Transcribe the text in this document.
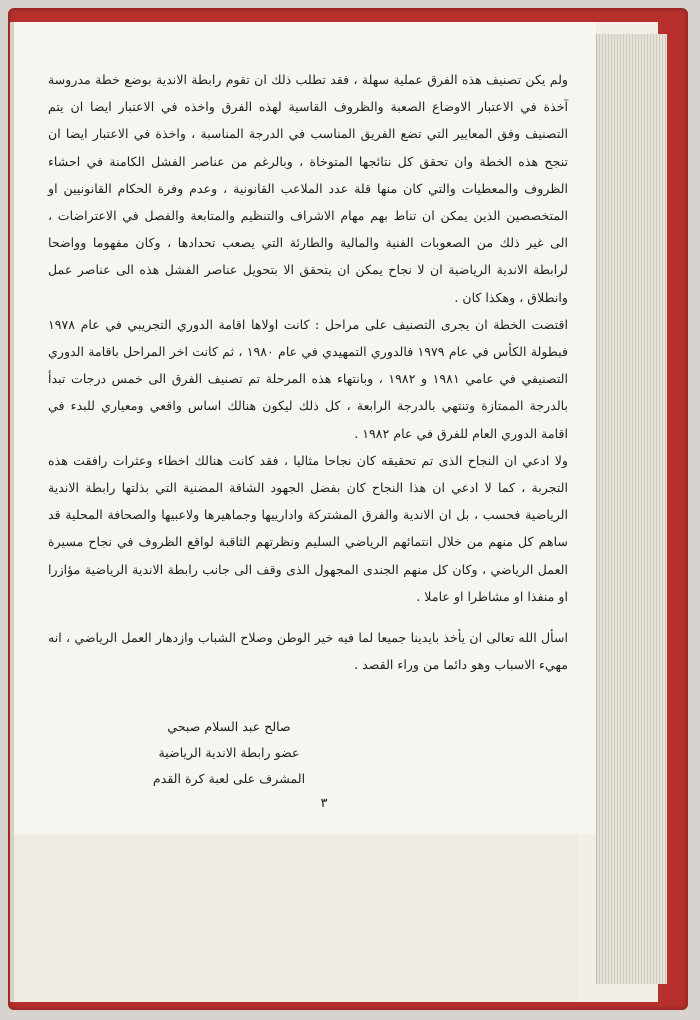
ولم يكن تصنيف هذه الفرق عملية سهلة ، فقد تطلب ذلك ان تقوم رابطة الاندية بوضع خطة مدروسة آخذة في الاعتبار الاوضاع الصعبة والظروف القاسية لهذه الفرق واخذه في الاعتبار ايضا ان يتم التصنيف وفق المعايير التي تضع الفريق المناسب في الدرجة المناسبة ، واخذة في الاعتبار ايضا ان تنجح هذه الخطة وان تحقق كل نتائجها المتوخاة ، وبالرغم من عناصر الفشل الكامنة في احشاء الظروف والمعطيات والتي كان منها قلة عدد الملاعب القانونية ، وعدم وفرة الحكام القانونيين او المتخصصين الذين يمكن ان تناط بهم مهام الاشراف والتنظيم والمتابعة والفصل في الاعتراضات ، الى غير ذلك من الصعوبات الفنية والمالية والطارئة التي يصعب تحدادها ، وكان مفهوما وواضحا لرابطة الاندية الرياضية ان لا نجاح يمكن ان يتحقق الا بتحويل عناصر الفشل هذه الى عناصر عمل وانطلاق ، وهكذا كان .

اقتضت الخطة ان يجرى التصنيف على مراحل : كانت اولاها اقامة الدوري التجريبي في عام ١٩٧٨ فبطولة الكأس في عام ١٩٧٩ فالدوري التمهيدي في عام ١٩٨٠ ، ثم كانت اخر المراحل باقامة الدوري التصنيفي في عامي ١٩٨١ و ١٩٨٢ ، وبانتهاء هذه المرحلة تم تصنيف الفرق الى خمس درجات تبدأ بالدرجة الممتازة وتنتهي بالدرجة الرابعة ، كل ذلك ليكون هنالك اساس واقعي ومعياري للبدء في اقامة الدوري العام للفرق في عام ١٩٨٢ .

ولا ادعي ان النجاح الذى تم تحقيقه كان نجاحا مثاليا ، فقد كانت هنالك اخطاء وعثرات رافقت هذه التجربة ، كما لا ادعي ان هذا النجاح كان بفضل الجهود الشاقة المضنية التي بذلتها رابطة الاندية الرياضية فحسب ، بل ان الاندية والفرق المشتركة وادارييها وجماهيرها ولاعبيها والصحافة المحلية قد ساهم كل منهم من خلال انتمائهم الرياضي السليم ونظرتهم الثاقبة لواقع الظروف في نجاح مسيرة العمل الرياضي ، وكان كل منهم الجندى المجهول الذى وقف الى جانب رابطة الاندية الرياضية مؤازرا او منفذا او مشاطرا او عاملا .

اسأل الله تعالى ان يأخذ بايدينا جميعا لما فيه خير الوطن وصلاح الشباب وازدهار العمل الرياضي ، انه مهيء الاسباب وهو دائما من وراء القصد .

صالح عبد السلام صبحي
عضو رابطة الاندية الرياضية
المشرف على لعبة كرة القدم
٣
